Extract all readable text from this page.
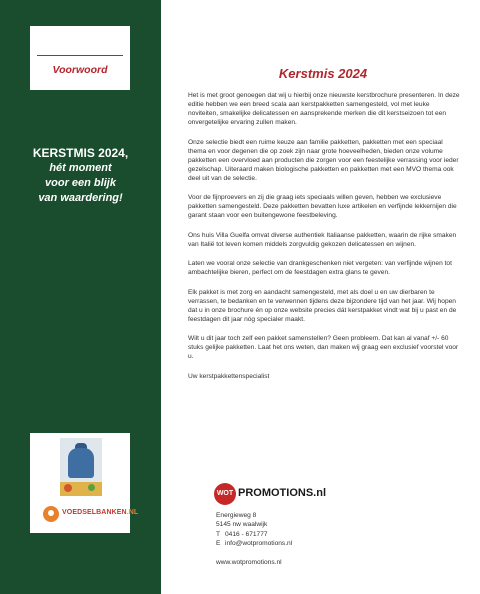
Voorwoord
KERSTMIS 2024,
hét moment
voor een blijk
van waardering!
VOEDSELBANKEN.NL
Kerstmis 2024

Het is met groot genoegen dat wij u hierbij onze nieuwste kerstbrochure presenteren. In deze editie hebben we een breed scala aan kerstpakketten samengesteld, vol met leuke noviteiten, smakelijke delicatessen en aansprekende merken die dit kerstseizoen tot een onvergetelijke ervaring zullen maken.

Onze selectie biedt een ruime keuze aan familie pakketten, pakketten met een speciaal thema en voor degenen die op zoek zijn naar grote hoeveelheden, bieden onze volume pakketten een overvloed aan producten die zorgen voor een feestelijke verrassing voor ieder gezelschap. Uiteraard maken biologische pakketten en pakketten met een MVO thema ook deel uit van de selectie.

Voor de fijnproevers en zij die graag iets speciaals willen geven, hebben we exclusieve pakketten samengesteld. Deze pakketten bevatten luxe artikelen en verfijnde lekkernijen die garant staan voor een buitengewone feestbeleving.

Ons huis Villa Guelfa omvat diverse authentiek Italiaanse pakketten, waarin de rijke smaken van Italië tot leven komen middels zorgvuldig gekozen delicatessen en wijnen.

Laten we vooral onze selectie van drankgeschenken niet vergeten: van verfijnde wijnen tot ambachtelijke bieren, perfect om de feestdagen extra glans te geven.

Elk pakket is met zorg en aandacht samengesteld, met als doel u en uw dierbaren te verrassen, te bedanken en te verwennen tijdens deze bijzondere tijd van het jaar. Wij hopen dat u in onze brochure én op onze website precies dát kerstpakket vindt wat bij u past en de feestdagen dit jaar nóg specialer maakt.

Wilt u dit jaar toch zelf een pakket samenstellen? Geen probleem. Dat kan al vanaf +/- 60 stuks gelijke pakketten. Laat het ons weten, dan maken wij graag een exclusief voorstel voor u.

Uw kerstpakkettenspecialist

WOT PROMOTIONS.nl
Energieweg 8
5145 nw waalwijk
T 0416 - 671777
E info@wotpromotions.nl
www.wotpromotions.nl
